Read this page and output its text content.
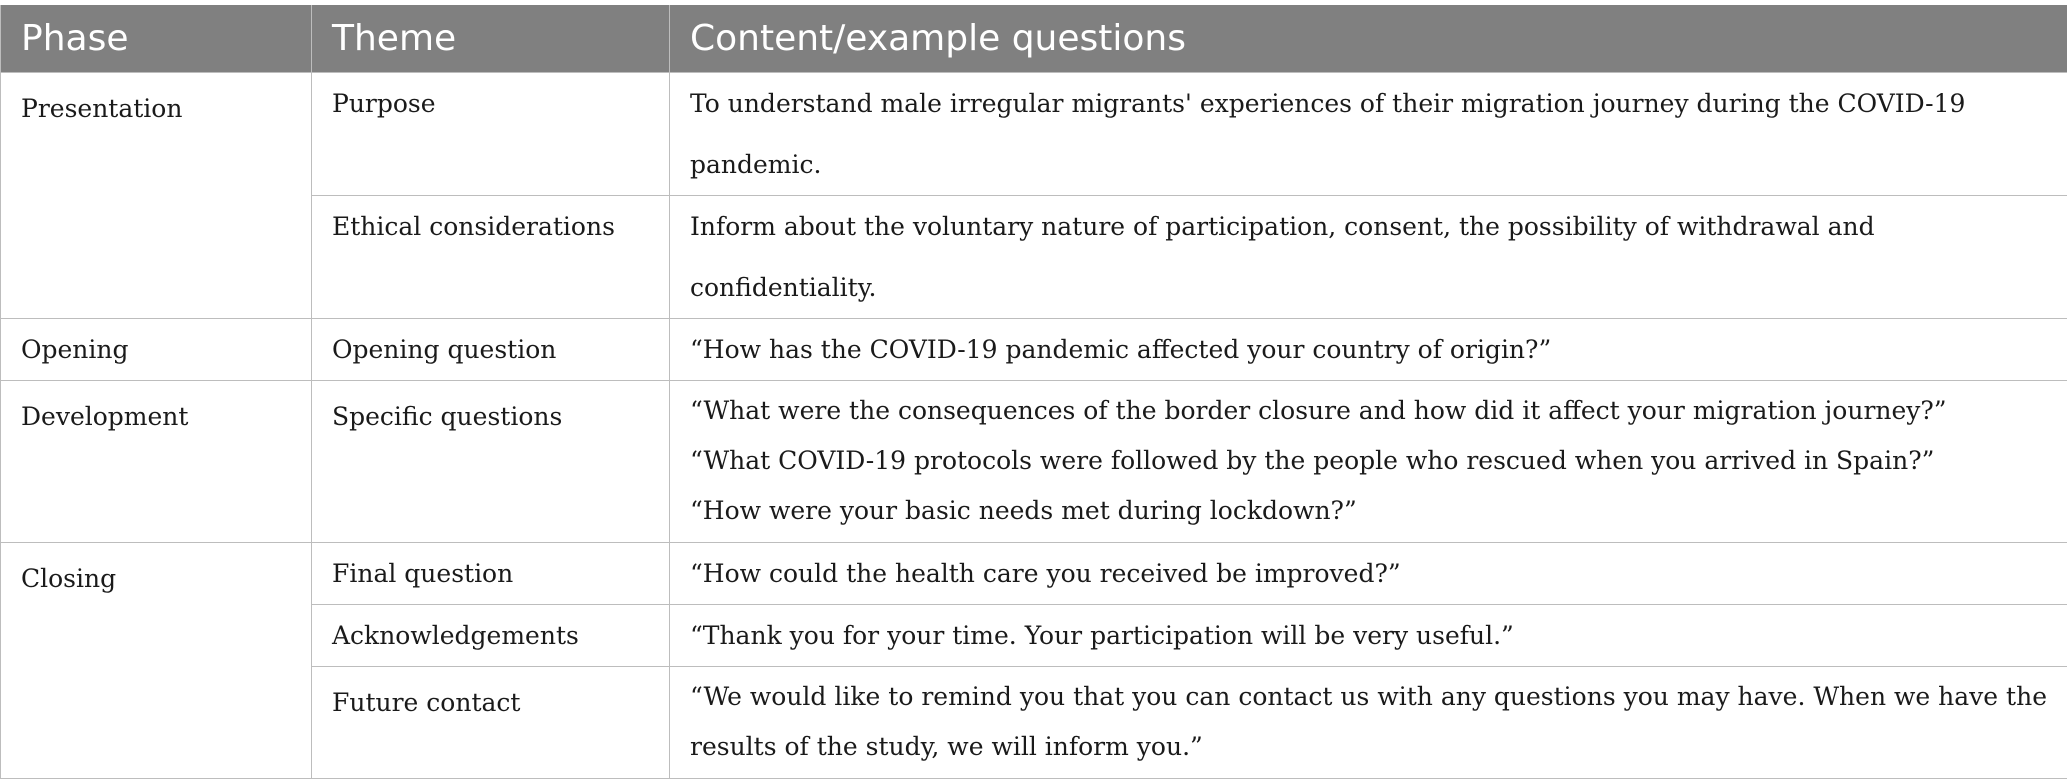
Phase	Theme	Content/example questions
Presentation	Purpose	To understand male irregular migrants' experiences of their migration journey during the COVID-19 pandemic.
	Ethical considerations	Inform about the voluntary nature of participation, consent, the possibility of withdrawal and confidentiality.
Opening	Opening question	“How has the COVID-19 pandemic affected your country of origin?”
Development	Specific questions	“What were the consequences of the border closure and how did it affect your migration journey?”
“What COVID-19 protocols were followed by the people who rescued when you arrived in Spain?”
“How were your basic needs met during lockdown?”

Closing	Final question	“How could the health care you received be improved?”
	Acknowledgements	“Thank you for your time. Your participation will be very useful.”
	Future contact	“We would like to remind you that you can contact us with any questions you may have. When we have the results of the study, we will inform you.”
